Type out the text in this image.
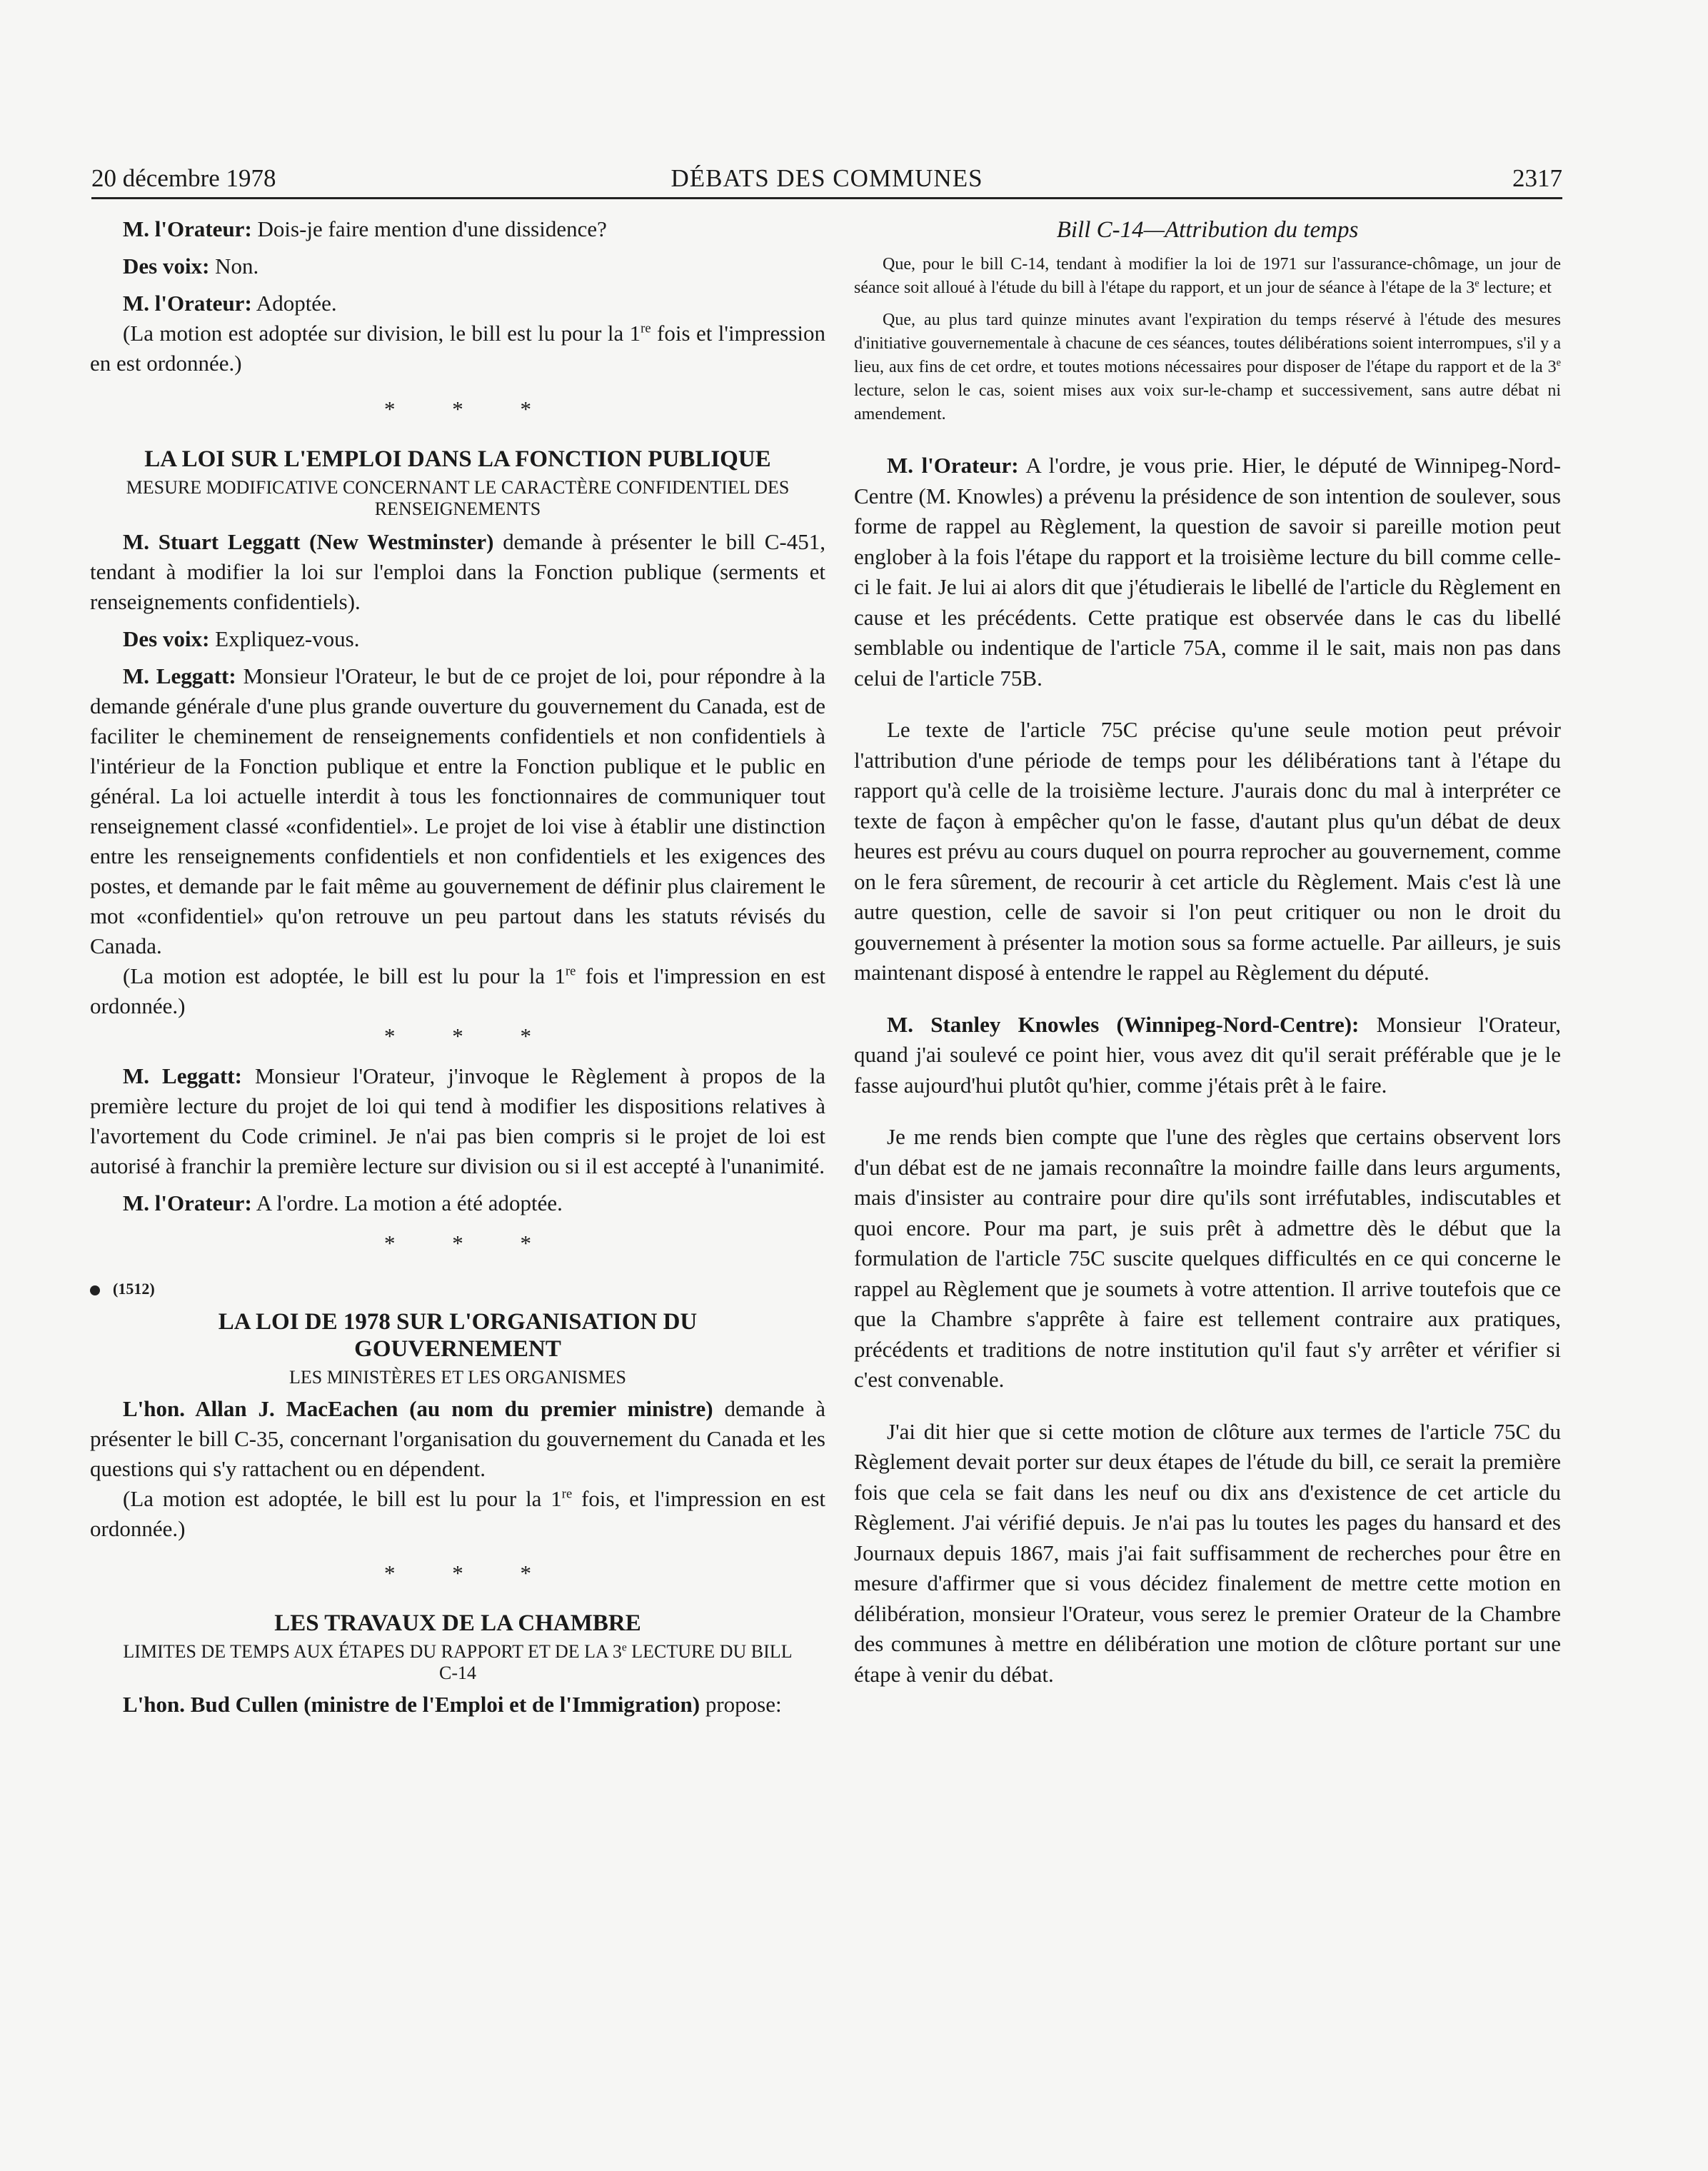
20 décembre 1978	DÉBATS DES COMMUNES	2317

M. l'Orateur: Dois-je faire mention d'une dissidence?

Des voix: Non.

M. l'Orateur: Adoptée.

(La motion est adoptée sur division, le bill est lu pour la 1re fois et l'impression en est ordonnée.)

* * *
LA LOI SUR L'EMPLOI DANS LA FONCTION PUBLIQUE
MESURE MODIFICATIVE CONCERNANT LE CARACTÈRE CONFIDENTIEL DES RENSEIGNEMENTS

M. Stuart Leggatt (New Westminster) demande à présenter le bill C-451, tendant à modifier la loi sur l'emploi dans la Fonction publique (serments et renseignements confidentiels).

Des voix: Expliquez-vous.

M. Leggatt: Monsieur l'Orateur, le but de ce projet de loi, pour répondre à la demande générale d'une plus grande ouverture du gouvernement du Canada, est de faciliter le cheminement de renseignements confidentiels et non confidentiels à l'intérieur de la Fonction publique et entre la Fonction publique et le public en général. La loi actuelle interdit à tous les fonctionnaires de communiquer tout renseignement classé «confidentiel». Le projet de loi vise à établir une distinction entre les renseignements confidentiels et non confidentiels et les exigences des postes, et demande par le fait même au gouvernement de définir plus clairement le mot «confidentiel» qu'on retrouve un peu partout dans les statuts révisés du Canada.

(La motion est adoptée, le bill est lu pour la 1re fois et l'impression en est ordonnée.)

* * *

M. Leggatt: Monsieur l'Orateur, j'invoque le Règlement à propos de la première lecture du projet de loi qui tend à modifier les dispositions relatives à l'avortement du Code criminel. Je n'ai pas bien compris si le projet de loi est autorisé à franchir la première lecture sur division ou si il est accepté à l'unanimité.

M. l'Orateur: A l'ordre. La motion a été adoptée.

* * *
(1512)
LA LOI DE 1978 SUR L'ORGANISATION DU GOUVERNEMENT
LES MINISTÈRES ET LES ORGANISMES

L'hon. Allan J. MacEachen (au nom du premier ministre) demande à présenter le bill C-35, concernant l'organisation du gouvernement du Canada et les questions qui s'y rattachent ou en dépendent.

(La motion est adoptée, le bill est lu pour la 1re fois, et l'impression en est ordonnée.)

* * *
LES TRAVAUX DE LA CHAMBRE
LIMITES DE TEMPS AUX ÉTAPES DU RAPPORT ET DE LA 3e LECTURE DU BILL C-14

L'hon. Bud Cullen (ministre de l'Emploi et de l'Immigration) propose:

Bill C-14—Attribution du temps

Que, pour le bill C-14, tendant à modifier la loi de 1971 sur l'assurance-chômage, un jour de séance soit alloué à l'étude du bill à l'étape du rapport, et un jour de séance à l'étape de la 3e lecture; et

Que, au plus tard quinze minutes avant l'expiration du temps réservé à l'étude des mesures d'initiative gouvernementale à chacune de ces séances, toutes délibérations soient interrompues, s'il y a lieu, aux fins de cet ordre, et toutes motions nécessaires pour disposer de l'étape du rapport et de la 3e lecture, selon le cas, soient mises aux voix sur-le-champ et successivement, sans autre débat ni amendement.

M. l'Orateur: A l'ordre, je vous prie. Hier, le député de Winnipeg-Nord-Centre (M. Knowles) a prévenu la présidence de son intention de soulever, sous forme de rappel au Règlement, la question de savoir si pareille motion peut englober à la fois l'étape du rapport et la troisième lecture du bill comme celle-ci le fait. Je lui ai alors dit que j'étudierais le libellé de l'article du Règlement en cause et les précédents. Cette pratique est observée dans le cas du libellé semblable ou indentique de l'article 75A, comme il le sait, mais non pas dans celui de l'article 75B.

Le texte de l'article 75C précise qu'une seule motion peut prévoir l'attribution d'une période de temps pour les délibérations tant à l'étape du rapport qu'à celle de la troisième lecture. J'aurais donc du mal à interpréter ce texte de façon à empêcher qu'on le fasse, d'autant plus qu'un débat de deux heures est prévu au cours duquel on pourra reprocher au gouvernement, comme on le fera sûrement, de recourir à cet article du Règlement. Mais c'est là une autre question, celle de savoir si l'on peut critiquer ou non le droit du gouvernement à présenter la motion sous sa forme actuelle. Par ailleurs, je suis maintenant disposé à entendre le rappel au Règlement du député.

M. Stanley Knowles (Winnipeg-Nord-Centre): Monsieur l'Orateur, quand j'ai soulevé ce point hier, vous avez dit qu'il serait préférable que je le fasse aujourd'hui plutôt qu'hier, comme j'étais prêt à le faire.

Je me rends bien compte que l'une des règles que certains observent lors d'un débat est de ne jamais reconnaître la moindre faille dans leurs arguments, mais d'insister au contraire pour dire qu'ils sont irréfutables, indiscutables et quoi encore. Pour ma part, je suis prêt à admettre dès le début que la formulation de l'article 75C suscite quelques difficultés en ce qui concerne le rappel au Règlement que je soumets à votre attention. Il arrive toutefois que ce que la Chambre s'apprête à faire est tellement contraire aux pratiques, précédents et traditions de notre institution qu'il faut s'y arrêter et vérifier si c'est convenable.

J'ai dit hier que si cette motion de clôture aux termes de l'article 75C du Règlement devait porter sur deux étapes de l'étude du bill, ce serait la première fois que cela se fait dans les neuf ou dix ans d'existence de cet article du Règlement. J'ai vérifié depuis. Je n'ai pas lu toutes les pages du hansard et des Journaux depuis 1867, mais j'ai fait suffisamment de recherches pour être en mesure d'affirmer que si vous décidez finalement de mettre cette motion en délibération, monsieur l'Orateur, vous serez le premier Orateur de la Chambre des communes à mettre en délibération une motion de clôture portant sur une étape à venir du débat.
